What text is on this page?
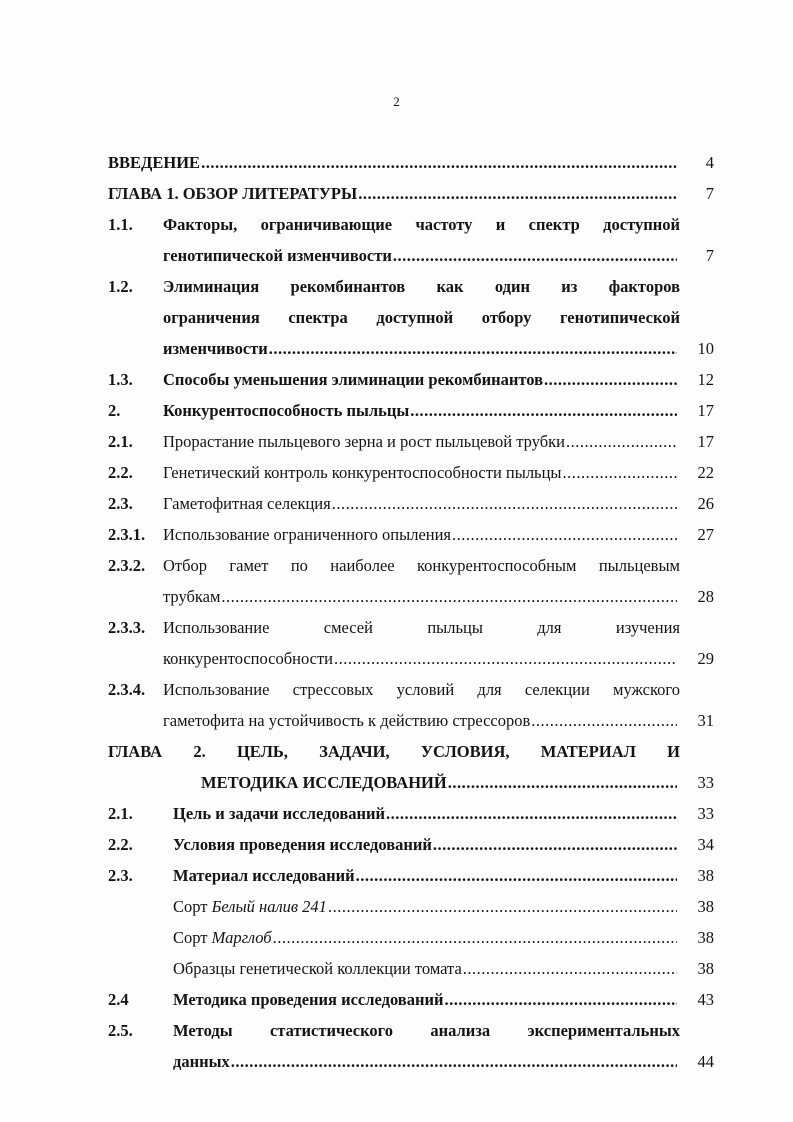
2
ВВЕДЕНИЕ .....	4
ГЛАВА 1. ОБЗОР ЛИТЕРАТУРЫ .....	7
1.1.	Факторы, ограничивающие частоту и спектр доступной
генотипической изменчивости .....	7
1.2.	Элиминация рекомбинантов как один из факторов
ограничения спектра доступной отбору генотипической
изменчивости .....	10
1.3.	Способы уменьшения элиминации рекомбинантов .....	12
2.	Конкурентоспособность пыльцы .....	17
2.1.	Прорастание пыльцевого зерна и рост пыльцевой трубки .....	17
2.2.	Генетический контроль конкурентоспособности пыльцы .....	22
2.3.	Гаметофитная селекция .....	26
2.3.1.	Использование ограниченного опыления .....	27
2.3.2.	Отбор гамет по наиболее конкурентоспособным пыльцевым
трубкам .....	28
2.3.3.	Использование смесей пыльцы для изучения
конкурентоспособности .....	29
2.3.4.	Использование стрессовых условий для селекции мужского
гаметофита на устойчивость к действию стрессоров .....	31
ГЛАВА 2. ЦЕЛЬ, ЗАДАЧИ, УСЛОВИЯ, МАТЕРИАЛ И
МЕТОДИКА ИССЛЕДОВАНИЙ .....	33
2.1.	Цель и задачи исследований .....	33
2.2.	Условия проведения исследований .....	34
2.3.	Материал исследований .....	38
Сорт Белый налив 241 .....	38
Сорт Марглоб .....	38
Образцы генетической коллекции томата .....	38
2.4	Методика проведения исследований .....	43
2.5.	Методы статистического анализа экспериментальных
данных .....	44
